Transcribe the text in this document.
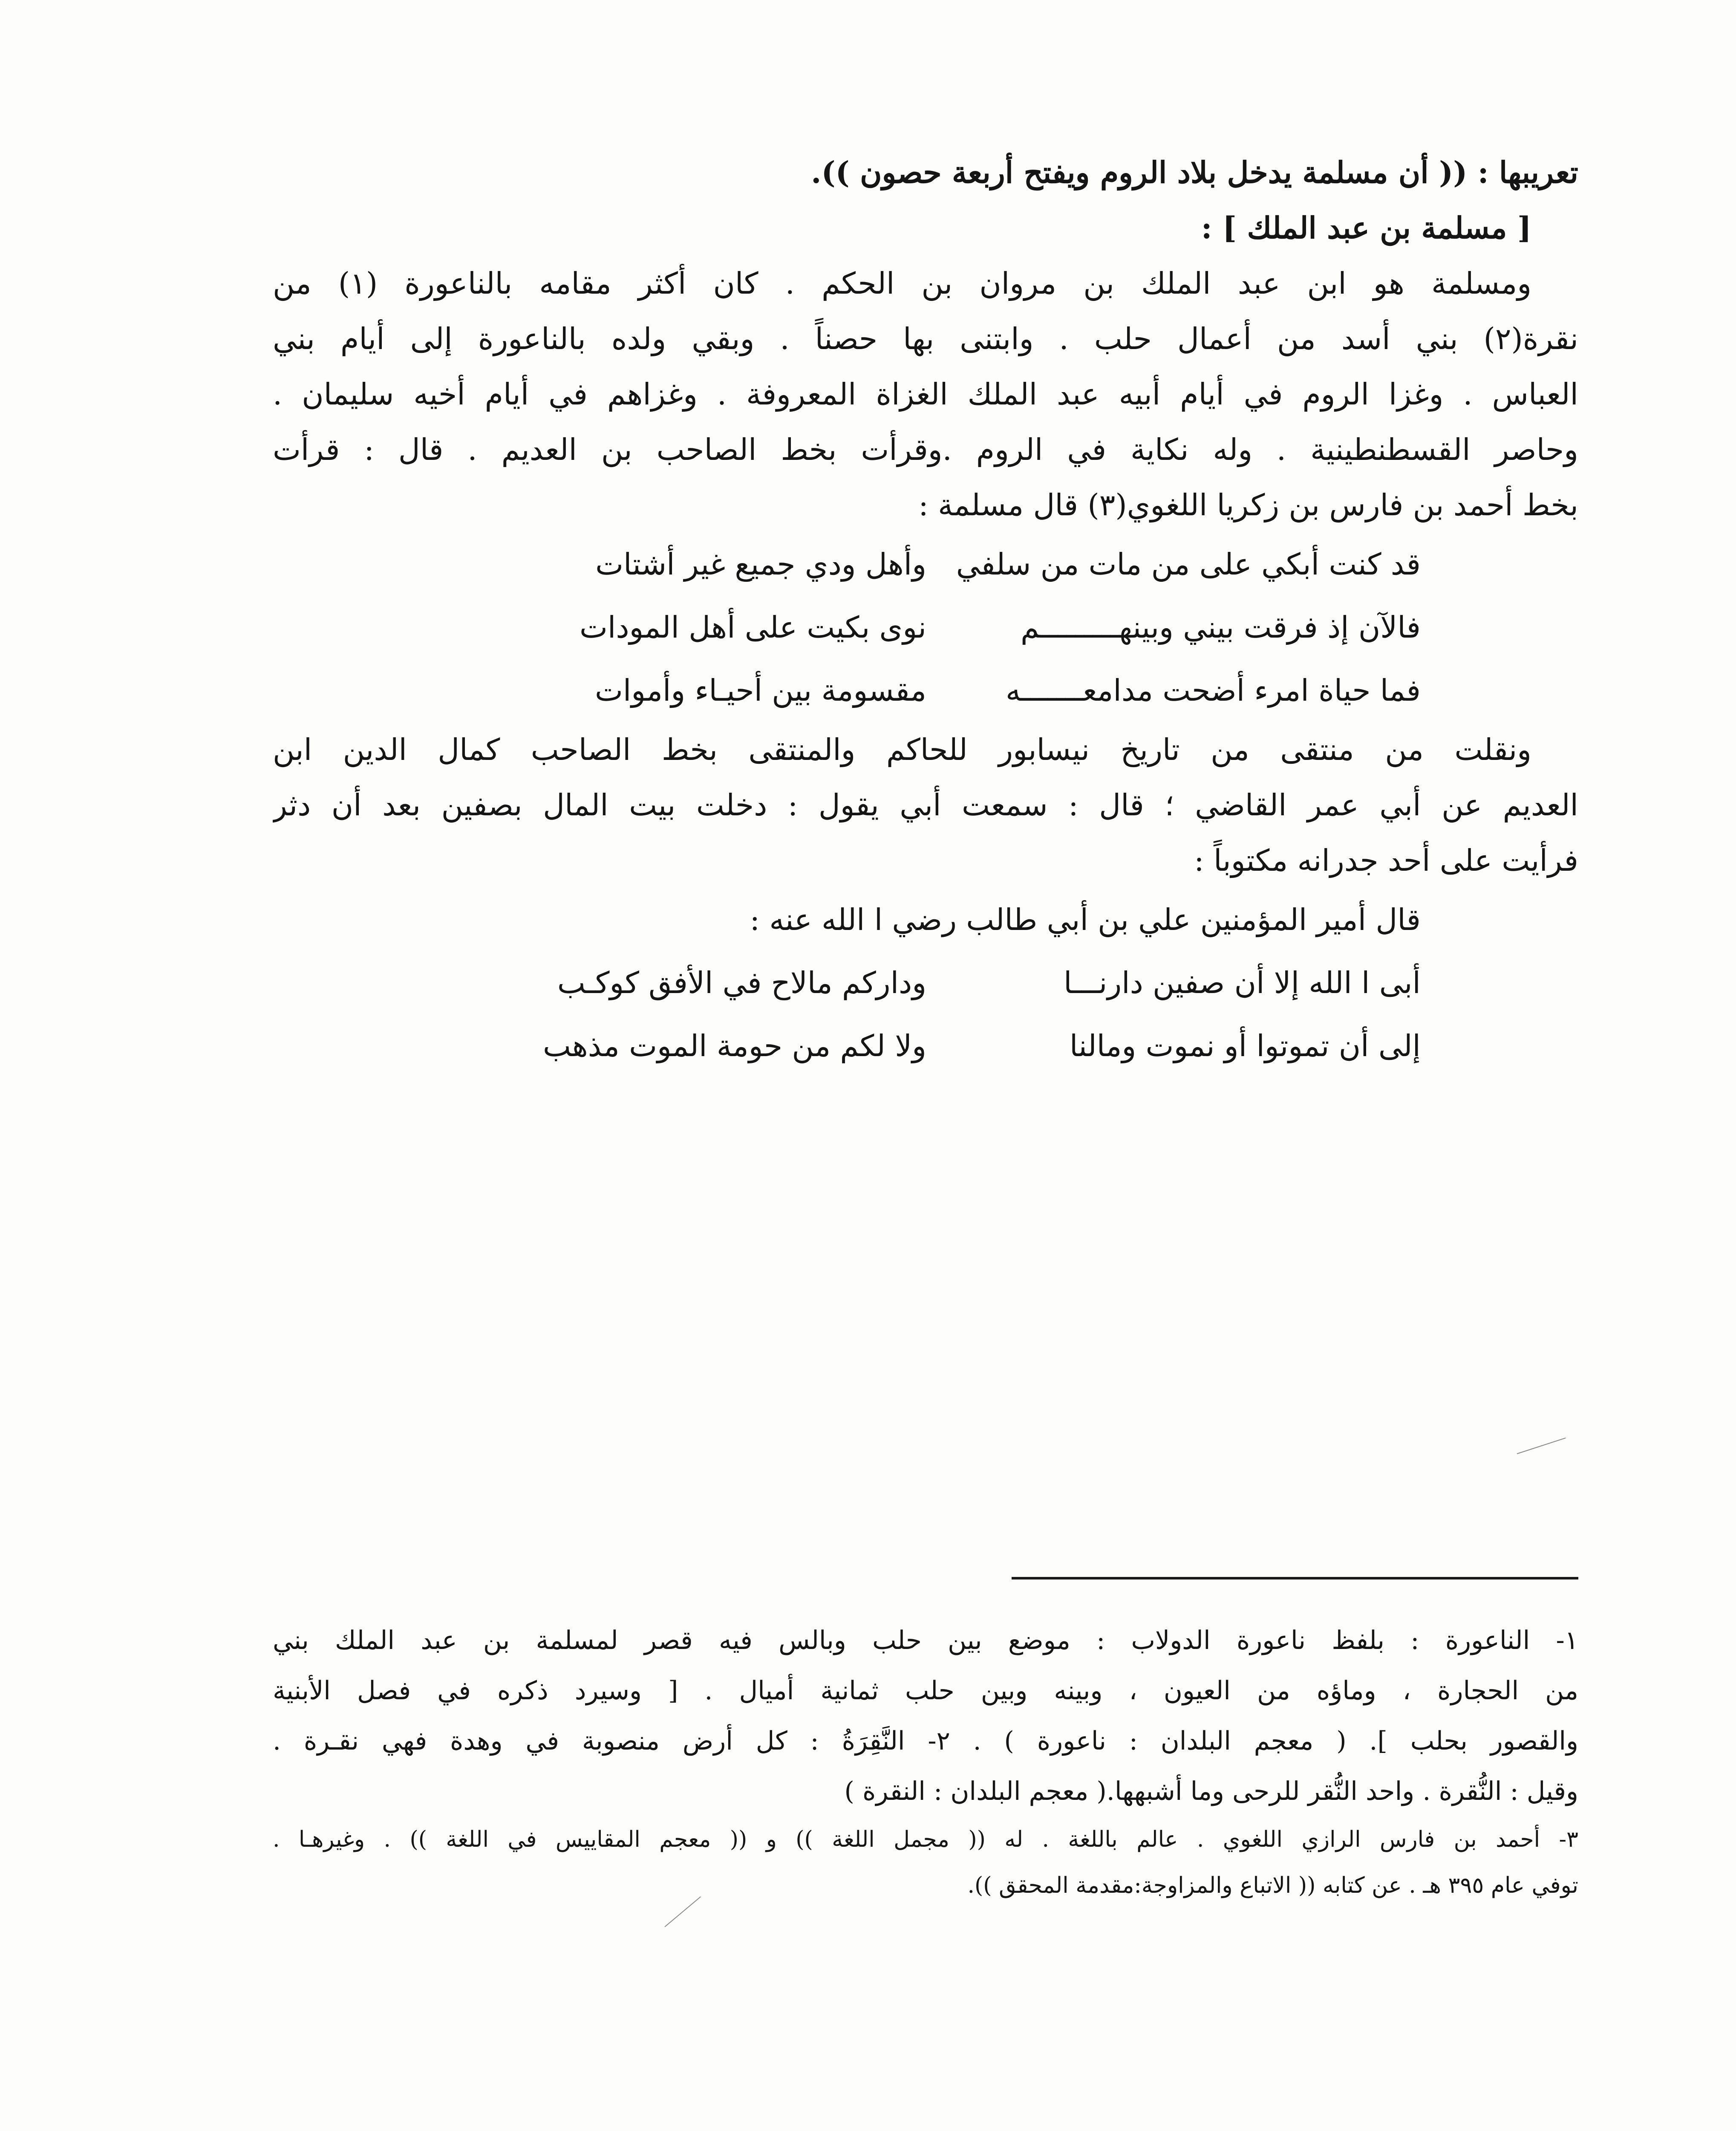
تعريبها : (( أن مسلمة يدخل بلاد الروم ويفتح أربعة حصون )).
[ مسلمة بن عبد الملك ] :
ومسلمة هو ابن عبد الملك بن مروان بن الحكم . كان أكثر مقامه بالناعورة (١) من
نقرة(٢) بني أسد من أعمال حلب . وابتنى بها حصناً . وبقي ولده بالناعورة إلى أيام بني
العباس . وغزا الروم في أيام أبيه عبد الملك الغزاة المعروفة . وغزاهم في أيام أخيه سليمان .
وحاصر القسطنطينية . وله نكاية في الروم .وقرأت بخط الصاحب بن العديم . قال : قرأت
بخط أحمد بن فارس بن زكريا اللغوي(٣) قال مسلمة :
قد كنت أبكي على من مات من سلفي
وأهل ودي جميع غير أشتات
فالآن إذ فرقت بيني وبينهـــــــــم
نوى بكيت على أهل المودات
فما حياة امرء أضحت مدامعـــــــه
مقسومة بين أحيـاء وأموات
ونقلت من منتقى من تاريخ نيسابور للحاكم والمنتقى بخط الصاحب كمال الدين ابن
العديم عن أبي عمر القاضي ؛ قال : سمعت أبي يقول : دخلت بيت المال بصفين بعد أن دثر
فرأيت على أحد جدرانه مكتوباً :
قال أمير المؤمنين علي بن أبي طالب رضي ا الله عنه :
أبى ا الله إلا أن صفين دارنـــا
وداركم مالاح في الأفق كوكـب
إلى أن تموتوا أو نموت ومالنا
ولا لكم من حومة الموت مذهب
١- الناعورة : بلفظ ناعورة الدولاب : موضع بين حلب وبالس فيه قصر لمسلمة بن عبد الملك بني
من الحجارة ، وماؤه من العيون ، وبينه وبين حلب ثمانية أميال . [ وسيرد ذكره في فصل الأبنية
والقصور بحلب ]. ( معجم البلدان : ناعورة ) . ٢- النَّقِرَةُ : كل أرض منصوبة في وهدة فهي نقـرة .
وقيل : النُّقرة . واحد النُّقر للرحى وما أشبهها.( معجم البلدان : النقرة )
٣- أحمد بن فارس الرازي اللغوي . عالم باللغة . له (( مجمل اللغة )) و (( معجم المقاييس في اللغة )) . وغيرهـا .
توفي عام ٣٩٥ هـ . عن كتابه (( الاتباع والمزاوجة:مقدمة المحقق )).
